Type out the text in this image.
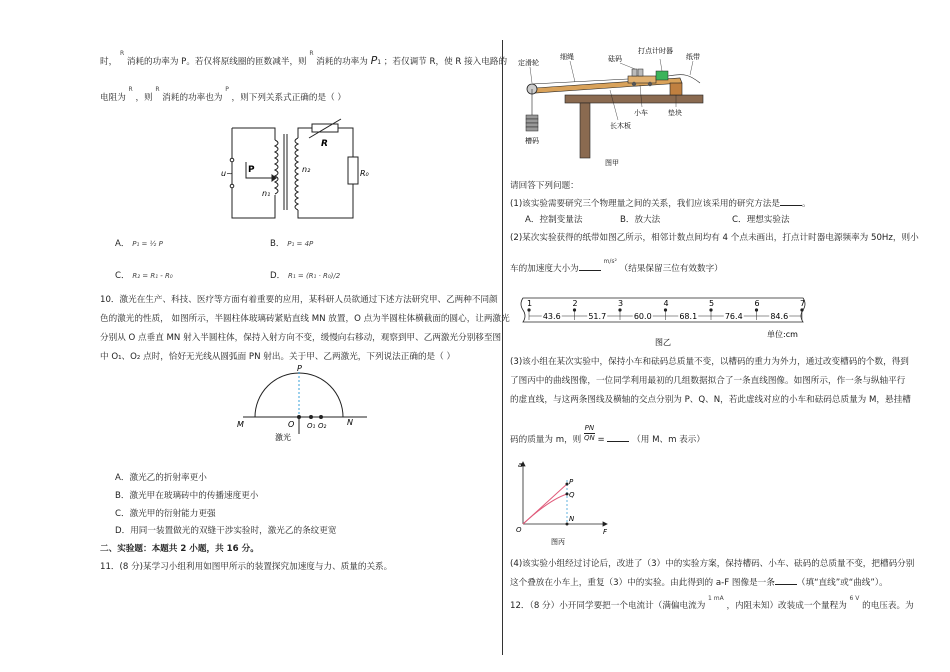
时， $^R$ 消耗的功率为 P。若仅将原线圈的匝数减半，则 $^R$ 消耗的功率为 P1 ；若仅调节 R，使 R 接入电路的
电阻为 $^R$ ，则 $^R$ 消耗的功率也为 $^P$ ，则下列关系式正确的是（ ）
u~ P
n₁
n₂
R
R₀
A． P₁ = ½ P	B． P₁ = 4P
C． R₂ = R₁ - R₀	D． R₁ = (R₁ · R₀)/2
10．激光在生产、科技、医疗等方面有着重要的应用，某科研人员欲通过下述方法研究甲、乙两种不同颜
色的激光的性质， 如图所示，半圆柱体玻璃砖紧贴直线 MN 放置，O 点为半圆柱体横截面的圆心，让两激光
分别从 O 点垂直 MN 射入半圆柱体，保持入射方向不变，缓慢向右移动，观察到甲、乙两激光分别移至图
中 O₁、O₂ 点时，恰好无光线从圆弧面 PN 射出。关于甲、乙两激光，下列说法正确的是（ ）
P
M	N
O O₁ O₂
激光
A．激光乙的折射率更小
B．激光甲在玻璃砖中的传播速度更小
C．激光甲的衍射能力更强
D．用同一装置做光的双缝干涉实验时，激光乙的条纹更宽
二、实验题：本题共 2 小题，共 16 分。
11．(8 分)某学习小组利用如图甲所示的装置探究加速度与力、质量的关系。
定滑轮
细绳	砝码
打点计时器
纸带
槽码
小车
长木板
垫块
图甲
请回答下列问题：
(1)该实验需要研究三个物理量之间的关系，我们应该采用的研究方法是	。
A．控制变量法	B．放大法	C．理想实验法
(2)某次实验获得的纸带如图乙所示，相邻计数点间均有 4 个点未画出，打点计时器电源频率为 50Hz，则小
车的加速度大小为 $^{m/s^2}$ （结果保留三位有效数字）
1	2	3	4	5	6	7
43.6	51.7	60.0	68.1	76.4	84.6
单位:cm
图乙
(3)该小组在某次实验中，保持小车和砝码总质量不变，以槽码的重力为外力，通过改变槽码的个数，得到
了图丙中的曲线图像，一位同学利用最初的几组数据拟合了一条直线图像。如图所示，作一条与纵轴平行
的虚直线，与这两条图线及横轴的交点分别为 P、Q、N，若此虚线对应的小车和砝码总质量为 M，悬挂槽
码的质量为 m，则 $\frac{PN}{QN}$ =	（用 M、m 表示）
a
F
O
P
Q
N
图丙
(4)该实验小组经过讨论后，改进了（3）中的实验方案，保持槽码、小车、砝码的总质量不变，把槽码分别
这个叠放在小车上，重复（3）中的实验。由此得到的 a-F 图像是一条	（填“直线”或“曲线”）。
12．（8 分）小开同学要把一个电流计（满偏电流为 $^{1 mA}$ ，内阻未知）改装成一个量程为 $^{6 V}$ 的电压表。为
